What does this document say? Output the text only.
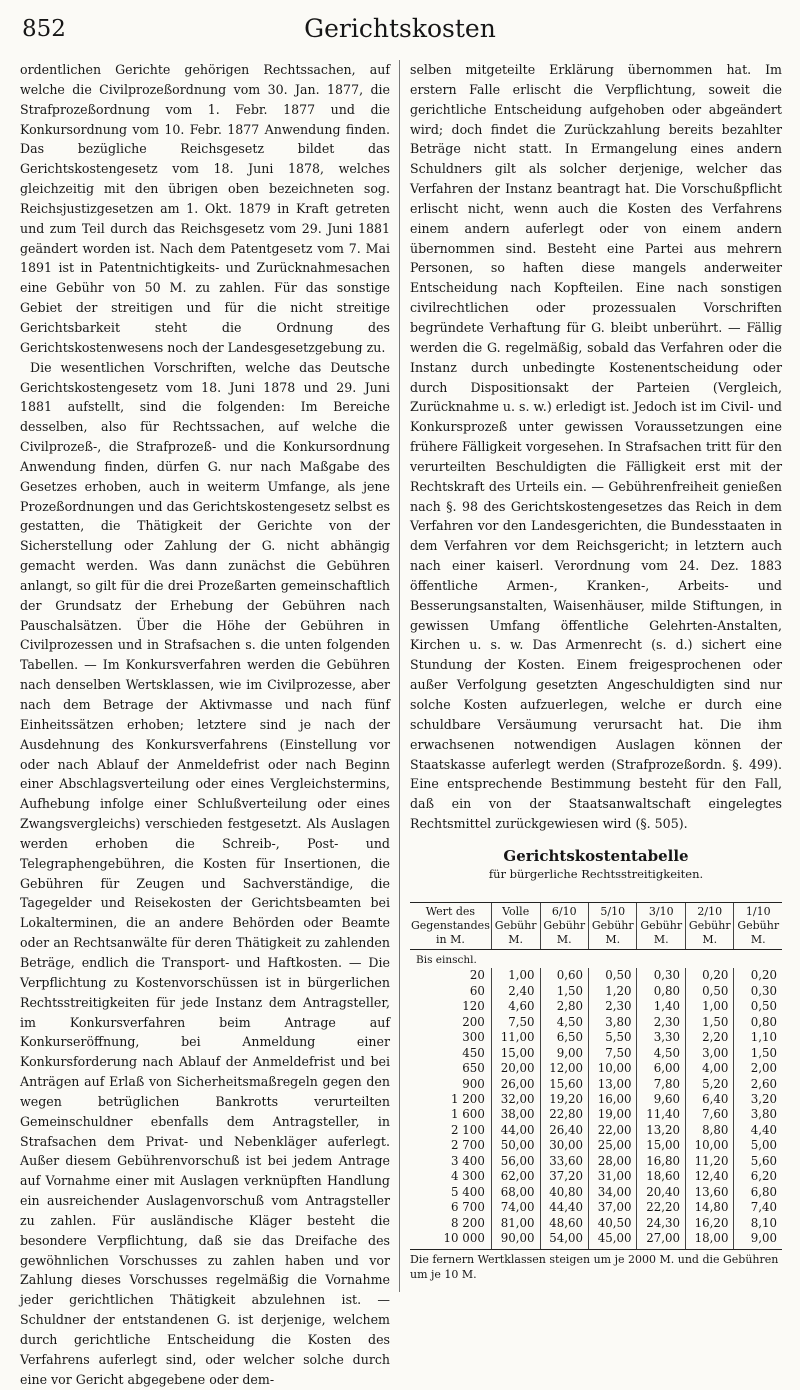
852	Gerichtskosten

ordentlichen Gerichte gehörigen Rechtssachen, auf welche die Civilprozeßordnung vom 30. Jan. 1877, die Strafprozeßordnung vom 1. Febr. 1877 und die Konkursordnung vom 10. Febr. 1877 Anwendung finden. Das bezügliche Reichsgesetz bildet das Gerichtskostengesetz vom 18. Juni 1878, welches gleichzeitig mit den übrigen oben bezeichneten sog. Reichsjustizgesetzen am 1. Okt. 1879 in Kraft getreten und zum Teil durch das Reichsgesetz vom 29. Juni 1881 geändert worden ist. Nach dem Patentgesetz vom 7. Mai 1891 ist in Patentnichtigkeits- und Zurücknahmesachen eine Gebühr von 50 M. zu zahlen. Für das sonstige Gebiet der streitigen und für die nicht streitige Gerichtsbarkeit steht die Ordnung des Gerichtskostenwesens noch der Landesgesetzgebung zu.

Die wesentlichen Vorschriften, welche das Deutsche Gerichtskostengesetz vom 18. Juni 1878 und 29. Juni 1881 aufstellt, sind die folgenden: Im Bereiche desselben, also für Rechtssachen, auf welche die Civilprozeß-, die Strafprozeß- und die Konkursordnung Anwendung finden, dürfen G. nur nach Maßgabe des Gesetzes erhoben, auch in weiterm Umfange, als jene Prozeßordnungen und das Gerichtskostengesetz selbst es gestatten, die Thätigkeit der Gerichte von der Sicherstellung oder Zahlung der G. nicht abhängig gemacht werden. Was dann zunächst die Gebühren anlangt, so gilt für die drei Prozeßarten gemeinschaftlich der Grundsatz der Erhebung der Gebühren nach Pauschalsätzen. Über die Höhe der Gebühren in Civilprozessen und in Strafsachen s. die unten folgenden Tabellen. — Im Konkursverfahren werden die Gebühren nach denselben Wertsklassen, wie im Civilprozesse, aber nach dem Betrage der Aktivmasse und nach fünf Einheitssätzen erhoben; letztere sind je nach der Ausdehnung des Konkursverfahrens (Einstellung vor oder nach Ablauf der Anmeldefrist oder nach Beginn einer Abschlagsverteilung oder eines Vergleichstermins, Aufhebung infolge einer Schlußverteilung oder eines Zwangsvergleichs) verschieden festgesetzt. Als Auslagen werden erhoben die Schreib-, Post- und Telegraphengebühren, die Kosten für Insertionen, die Gebühren für Zeugen und Sachverständige, die Tagegelder und Reisekosten der Gerichtsbeamten bei Lokalterminen, die an andere Behörden oder Beamte oder an Rechtsanwälte für deren Thätigkeit zu zahlenden Beträge, endlich die Transport- und Haftkosten. — Die Verpflichtung zu Kostenvorschüssen ist in bürgerlichen Rechtsstreitigkeiten für jede Instanz dem Antragsteller, im Konkursverfahren beim Antrage auf Konkurseröffnung, bei Anmeldung einer Konkursforderung nach Ablauf der Anmeldefrist und bei Anträgen auf Erlaß von Sicherheitsmaßregeln gegen den wegen betrüglichen Bankrotts verurteilten Gemeinschuldner ebenfalls dem Antragsteller, in Strafsachen dem Privat- und Nebenkläger auferlegt. Außer diesem Gebührenvorschuß ist bei jedem Antrage auf Vornahme einer mit Auslagen verknüpften Handlung ein ausreichender Auslagenvorschuß vom Antragsteller zu zahlen. Für ausländische Kläger besteht die besondere Verpflichtung, daß sie das Dreifache des gewöhnlichen Vorschusses zu zahlen haben und vor Zahlung dieses Vorschusses regelmäßig die Vornahme jeder gerichtlichen Thätigkeit abzulehnen ist. — Schuldner der entstandenen G. ist derjenige, welchem durch gerichtliche Entscheidung die Kosten des Verfahrens auferlegt sind, oder welcher solche durch eine vor Gericht abgegebene oder dem-

selben mitgeteilte Erklärung übernommen hat. Im erstern Falle erlischt die Verpflichtung, soweit die gerichtliche Entscheidung aufgehoben oder abgeändert wird; doch findet die Zurückzahlung bereits bezahlter Beträge nicht statt. In Ermangelung eines andern Schuldners gilt als solcher derjenige, welcher das Verfahren der Instanz beantragt hat. Die Vorschußpflicht erlischt nicht, wenn auch die Kosten des Verfahrens einem andern auferlegt oder von einem andern übernommen sind. Besteht eine Partei aus mehrern Personen, so haften diese mangels anderweiter Entscheidung nach Kopfteilen. Eine nach sonstigen civilrechtlichen oder prozessualen Vorschriften begründete Verhaftung für G. bleibt unberührt. — Fällig werden die G. regelmäßig, sobald das Verfahren oder die Instanz durch unbedingte Kostenentscheidung oder durch Dispositionsakt der Parteien (Vergleich, Zurücknahme u. s. w.) erledigt ist. Jedoch ist im Civil- und Konkursprozeß unter gewissen Voraussetzungen eine frühere Fälligkeit vorgesehen. In Strafsachen tritt für den verurteilten Beschuldigten die Fälligkeit erst mit der Rechtskraft des Urteils ein. — Gebührenfreiheit genießen nach §. 98 des Gerichtskostengesetzes das Reich in dem Verfahren vor den Landesgerichten, die Bundesstaaten in dem Verfahren vor dem Reichsgericht; in letztern auch nach einer kaiserl. Verordnung vom 24. Dez. 1883 öffentliche Armen-, Kranken-, Arbeits- und Besserungsanstalten, Waisenhäuser, milde Stiftungen, in gewissen Umfang öffentliche Gelehrten-Anstalten, Kirchen u. s. w. Das Armenrecht (s. d.) sichert eine Stundung der Kosten. Einem freigesprochenen oder außer Verfolgung gesetzten Angeschuldigten sind nur solche Kosten aufzuerlegen, welche er durch eine schuldbare Versäumung verursacht hat. Die ihm erwachsenen notwendigen Auslagen können der Staatskasse auferlegt werden (Strafprozeßordn. §. 499). Eine entsprechende Bestimmung besteht für den Fall, daß ein von der Staatsanwaltschaft eingelegtes Rechtsmittel zurückgewiesen wird (§. 505).

Gerichtskostentabelle
für bürgerliche Rechtsstreitigkeiten.
Wert des Gegenstandes in M.	Volle Gebühr M.	6/10 Gebühr M.	5/10 Gebühr M.	3/10 Gebühr M.	2/10 Gebühr M.	1/10 Gebühr M.
Bis einschl.						
20	1,00	0,60	0,50	0,30	0,20	0,20
60	2,40	1,50	1,20	0,80	0,50	0,30
120	4,60	2,80	2,30	1,40	1,00	0,50
200	7,50	4,50	3,80	2,30	1,50	0,80
300	11,00	6,50	5,50	3,30	2,20	1,10
450	15,00	9,00	7,50	4,50	3,00	1,50
650	20,00	12,00	10,00	6,00	4,00	2,00
900	26,00	15,60	13,00	7,80	5,20	2,60
1 200	32,00	19,20	16,00	9,60	6,40	3,20
1 600	38,00	22,80	19,00	11,40	7,60	3,80
2 100	44,00	26,40	22,00	13,20	8,80	4,40
2 700	50,00	30,00	25,00	15,00	10,00	5,00
3 400	56,00	33,60	28,00	16,80	11,20	5,60
4 300	62,00	37,20	31,00	18,60	12,40	6,20
5 400	68,00	40,80	34,00	20,40	13,60	6,80
6 700	74,00	44,40	37,00	22,20	14,80	7,40
8 200	81,00	48,60	40,50	24,30	16,20	8,10
10 000	90,00	54,00	45,00	27,00	18,00	9,00
Die fernern Wertklassen steigen um je 2000 M. und die Gebühren um je 10 M.
